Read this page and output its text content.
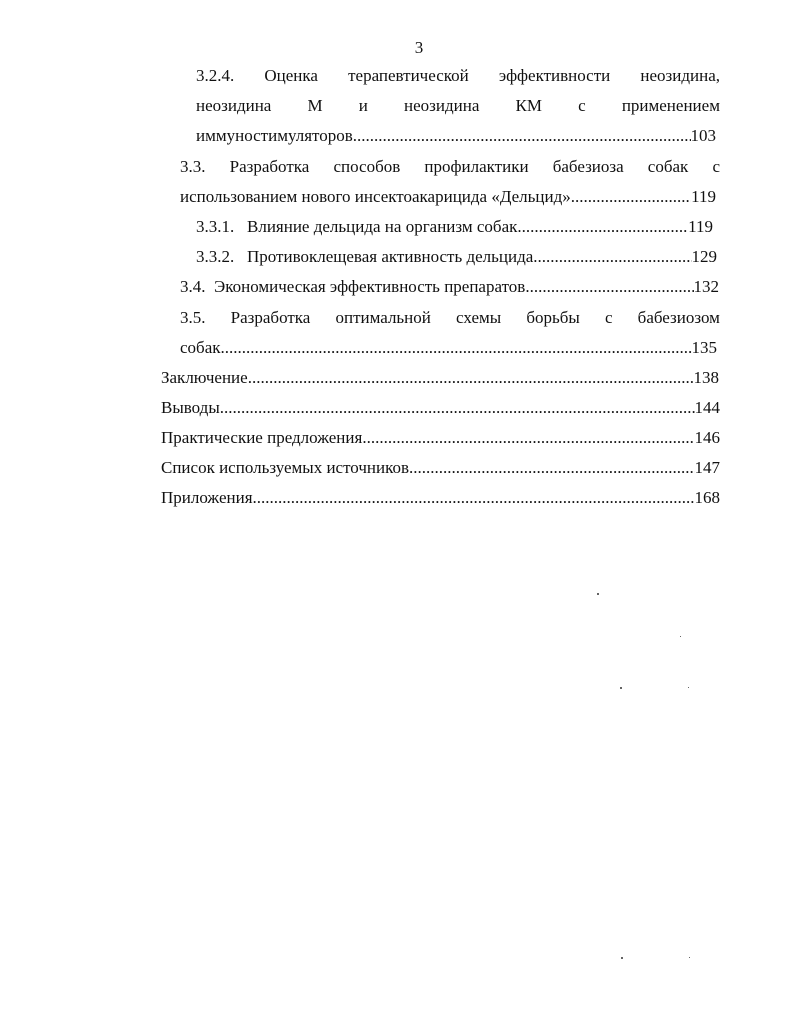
3
3.2.4. Оценка терапевтической эффективности неозидина,
неозидина М и неозидина КМ с применением
иммуностимуляторов .....	103
3.3. Разработка способов профилактики бабезиоза собак с
использованием нового инсектоакарицида «Дельцид» .....	119
3.3.1.   Влияние дельцида на организм собак .....	119
3.3.2.   Противоклещевая активность дельцида .....	129
3.4.  Экономическая эффективность препаратов .....	132
3.5. Разработка оптимальной схемы борьбы с бабезиозом
собак .....	135
Заключение .....	138
Выводы .....	144
Практические предложения .....	146
Список используемых источников .....	147
Приложения .....	168
